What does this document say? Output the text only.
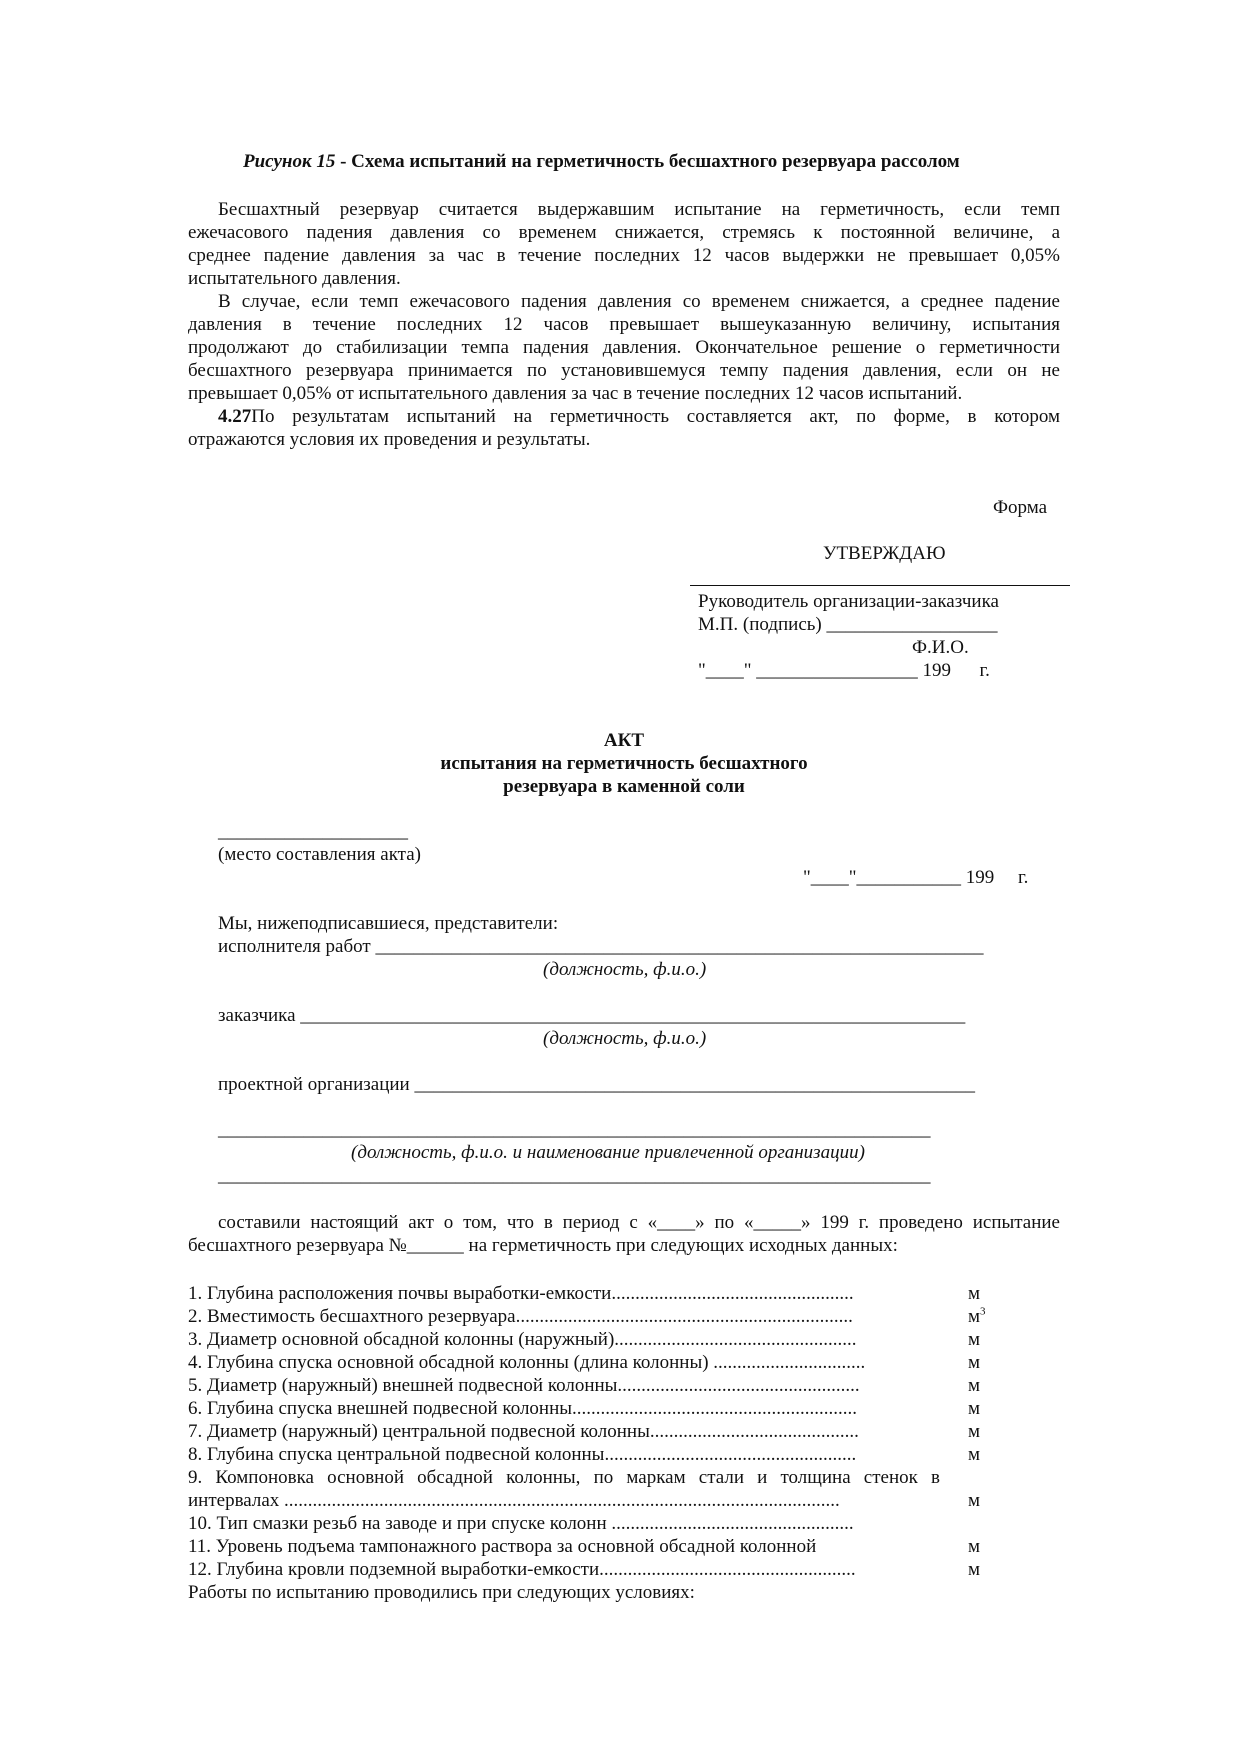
Рисунок 15 - Схема испытаний на герметичность бесшахтного резервуара рассолом
Бесшахтный резервуар считается выдержавшим испытание на герметичность, если темп
ежечасового падения давления со временем снижается, стремясь к постоянной величине, а
среднее падение давления за час в течение последних 12 часов выдержки не превышает 0,05%
испытательного давления.
В случае, если темп ежечасового падения давления со временем снижается, а среднее падение
давления в течение последних 12 часов превышает вышеуказанную величину, испытания
продолжают до стабилизации темпа падения давления. Окончательное решение о герметичности
бесшахтного резервуара принимается по установившемуся темпу падения давления, если он не
превышает 0,05% от испытательного давления за час в течение последних 12 часов испытаний.
4.27 По результатам испытаний на герметичность составляется акт, по форме, в котором
отражаются условия их проведения и результаты.
Форма
УТВЕРЖДАЮ
Руководитель организации-заказчика
М.П. (подпись) __________________
Ф.И.О.
"____" _________________ 199      г.
АКТ
испытания на герметичность бесшахтного
резервуара в каменной соли
____________________
(место составления акта)
"____"___________ 199     г.
Мы, нижеподписавшиеся, представители:
исполнителя работ ________________________________________________________________
(должность, ф.и.о.)
заказчика ______________________________________________________________________
(должность, ф.и.о.)
проектной организации ___________________________________________________________
___________________________________________________________________________
(должность, ф.и.о. и наименование привлеченной организации)
___________________________________________________________________________
составили настоящий акт о том, что в период с «____» по «_____» 199 г. проведено испытание
бесшахтного резервуара №______ на герметичность при следующих исходных данных:
1. Глубина расположения почвы выработки-емкости...................................................	м
2. Вместимость бесшахтного резервуара.......................................................................	$м^3$
3. Диаметр основной обсадной колонны (наружный)...................................................	м
4. Глубина спуска основной обсадной колонны (длина колонны) ................................	м
5. Диаметр (наружный) внешней подвесной колонны...................................................	м
6. Глубина спуска внешней подвесной колонны............................................................	м
7. Диаметр (наружный) центральной подвесной колонны............................................	м
8. Глубина спуска центральной подвесной колонны.....................................................	м
9. Компоновка основной обсадной колонны, по маркам стали и толщина стенок в
интервалах .....................................................................................................................	м
10. Тип смазки резьб на заводе и при спуске колонн ...................................................
11. Уровень подъема тампонажного раствора за основной обсадной колонной	м
12. Глубина кровли подземной выработки-емкости......................................................	м
Работы по испытанию проводились при следующих условиях:
